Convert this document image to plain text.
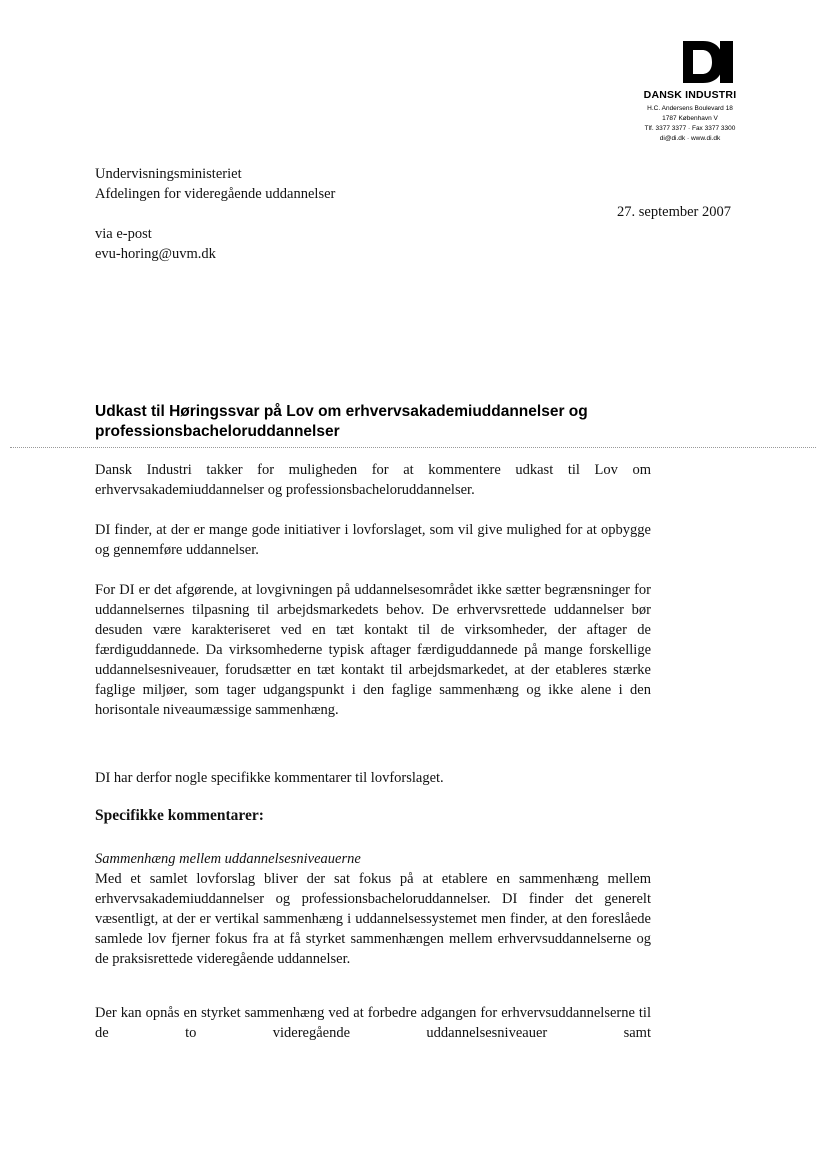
DANSK INDUSTRI
H.C. Andersens Boulevard 18
1787 København V
Tlf. 3377 3377 · Fax 3377 3300
di@di.dk · www.di.dk
Undervisningsministeriet
Afdelingen for videregående uddannelser
27. september 2007
via e-post
evu-horing@uvm.dk
Udkast til Høringssvar på Lov om erhvervsakademiuddannelser og professionsbacheloruddannelser

Dansk Industri takker for muligheden for at kommentere udkast til Lov om erhvervsakademiuddannelser og professionsbacheloruddannelser.

DI finder, at der er mange gode initiativer i lovforslaget, som vil give mulighed for at opbygge og gennemføre uddannelser.

For DI er det afgørende, at lovgivningen på uddannelsesområdet ikke sætter begrænsninger for uddannelsernes tilpasning til arbejdsmarkedets behov. De erhvervsrettede uddannelser bør desuden være karakteriseret ved en tæt kontakt til de virksomheder, der aftager de færdiguddannede. Da virksomhederne typisk aftager færdiguddannede på mange forskellige uddannelsesniveauer, forudsætter en tæt kontakt til arbejdsmarkedet, at der etableres stærke faglige miljøer, som tager udgangspunkt i den faglige sammenhæng og ikke alene i den horisontale niveaumæssige sammenhæng.

DI har derfor nogle specifikke kommentarer til lovforslaget.

Specifikke kommentarer:

Sammenhæng mellem uddannelsesniveauerne

Med et samlet lovforslag bliver der sat fokus på at etablere en sammenhæng mellem erhvervsakademiuddannelser og professionsbacheloruddannelser. DI finder det generelt væsentligt, at der er vertikal sammenhæng i uddannelsessystemet men finder, at den foreslåede samlede lov fjerner fokus fra at få styrket sammenhængen mellem erhvervsuddannelserne og de praksisrettede videregående uddannelser.

Der kan opnås en styrket sammenhæng ved at forbedre adgangen for erhvervsuddannelserne til de to videregående uddannelsesniveauer samt
